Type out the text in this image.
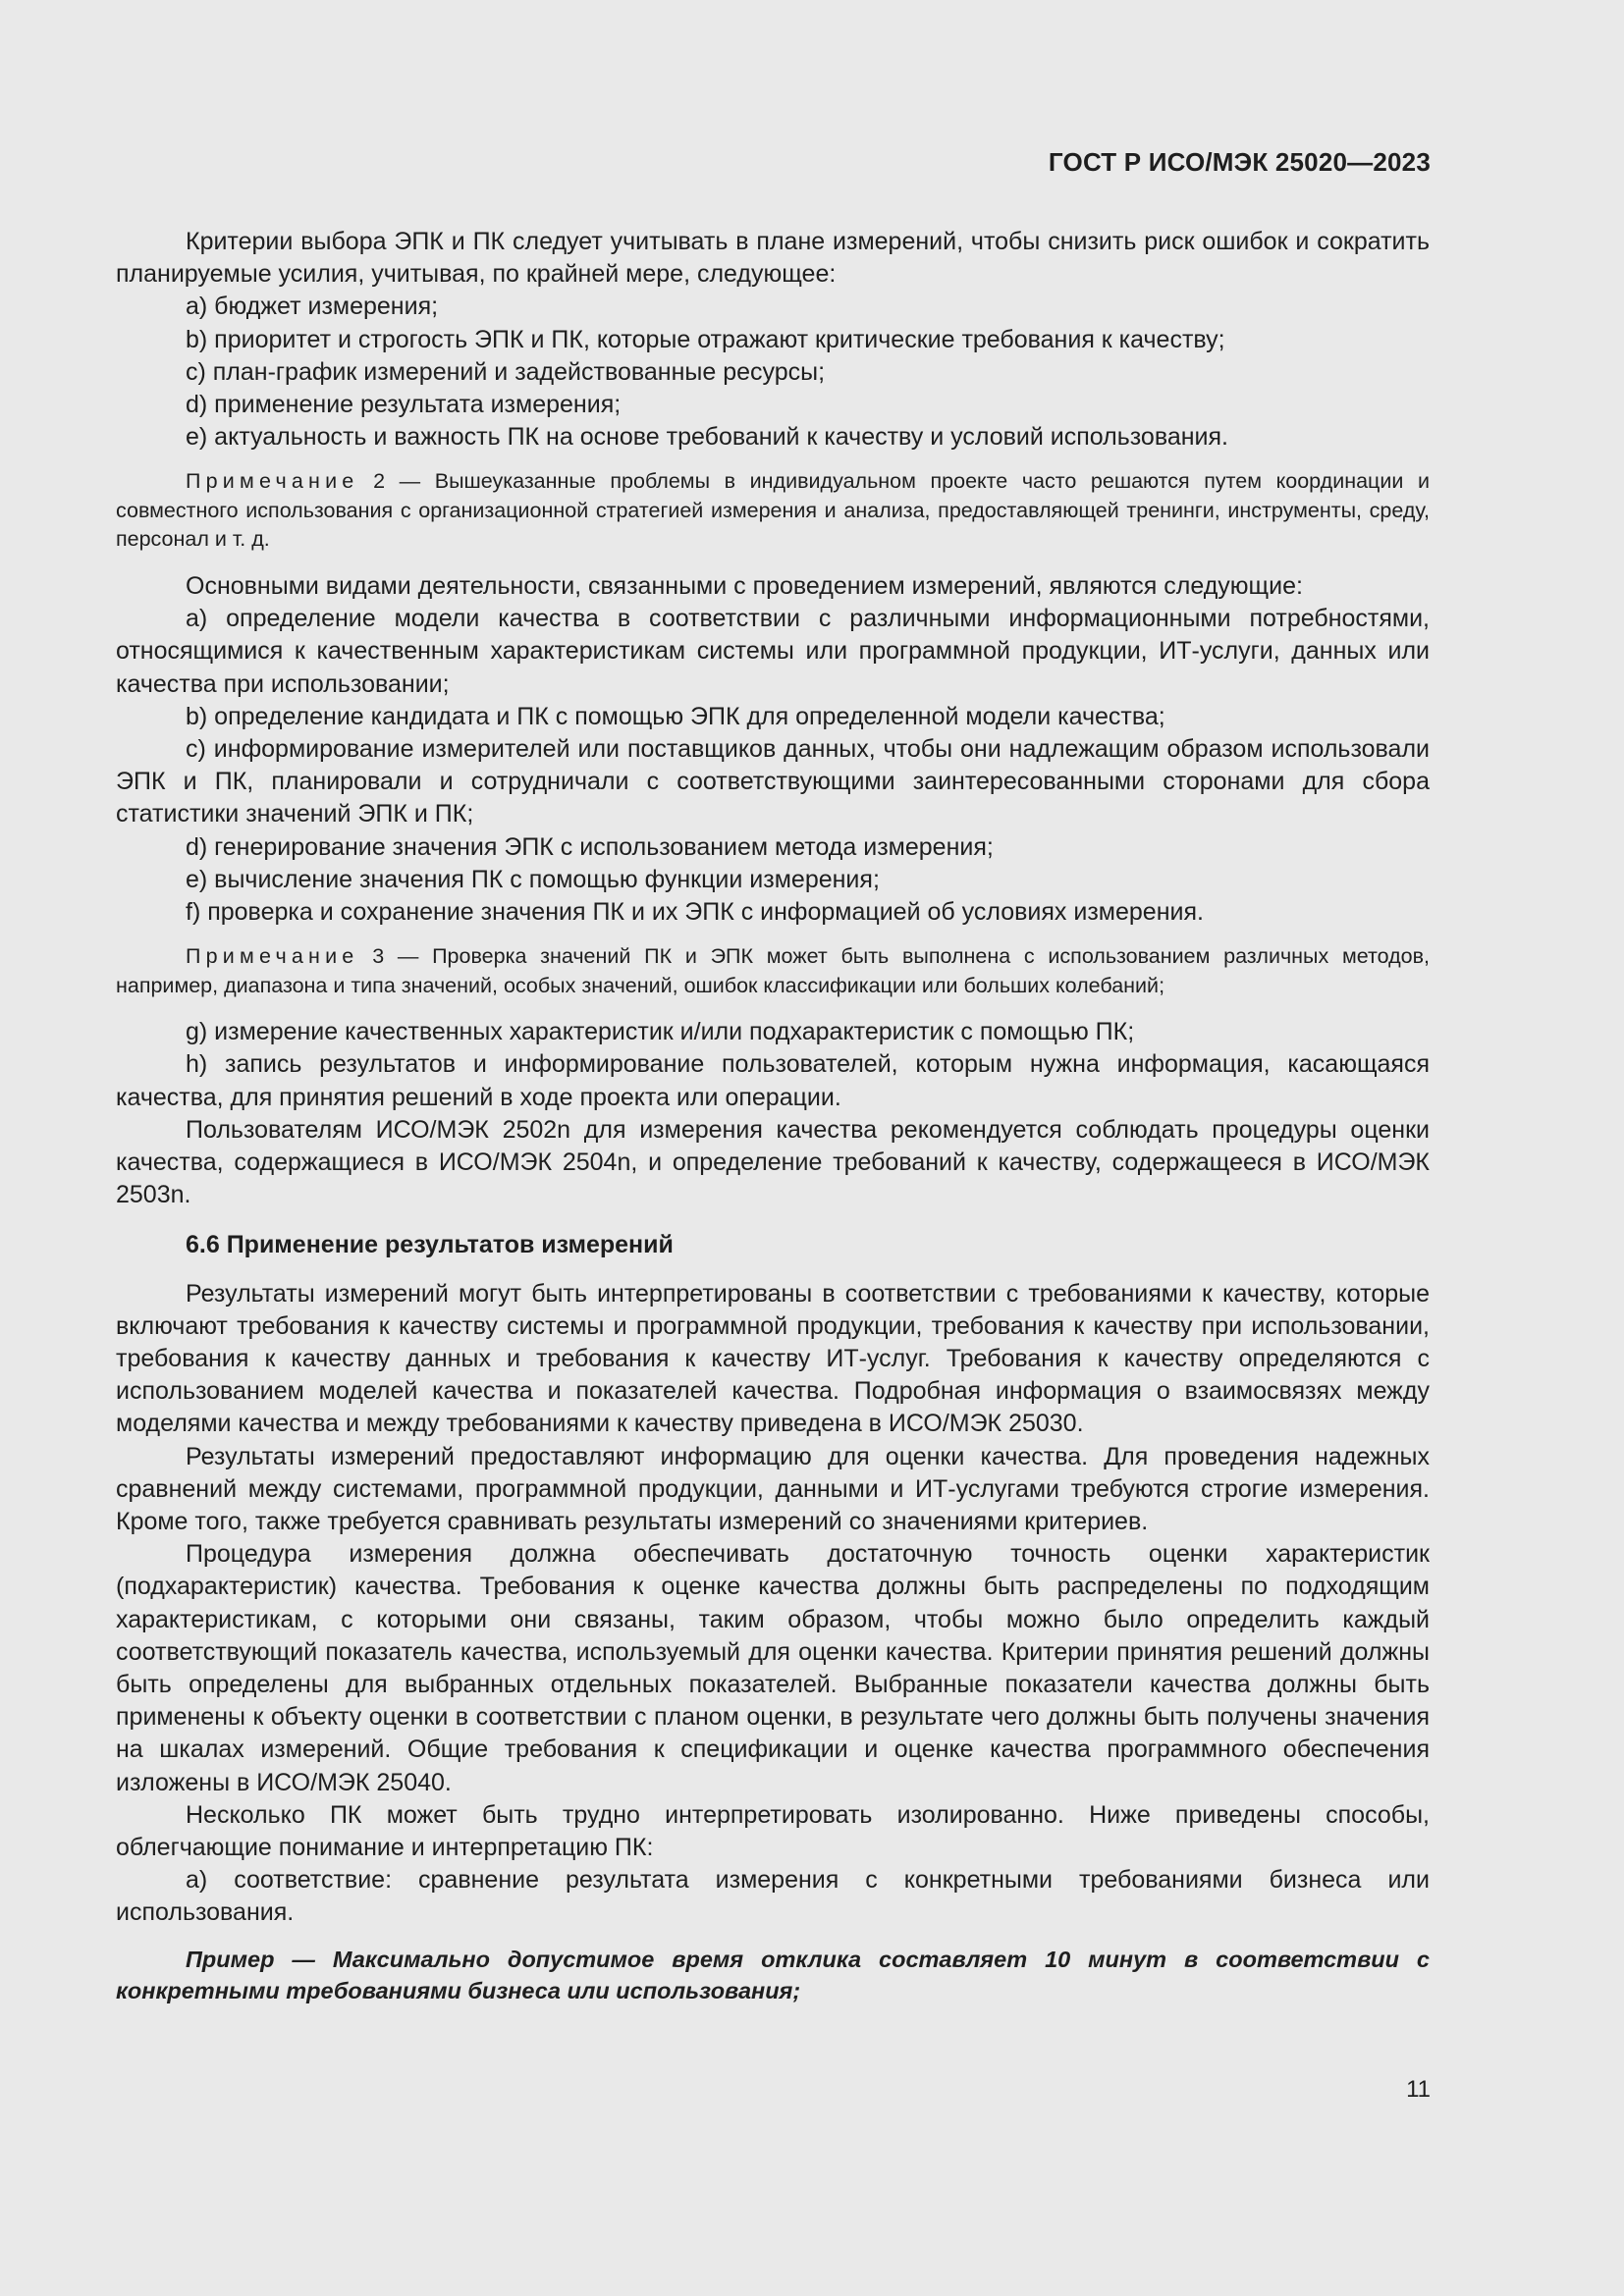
ГОСТ Р ИСО/МЭК 25020—2023

Критерии выбора ЭПК и ПК следует учитывать в плане измерений, чтобы снизить риск ошибок и сократить планируемые усилия, учитывая, по крайней мере, следующее:

a) бюджет измерения;

b) приоритет и строгость ЭПК и ПК, которые отражают критические требования к качеству;

c) план-график измерений и задействованные ресурсы;

d) применение результата измерения;

e) актуальность и важность ПК на основе требований к качеству и условий использования.

Примечание 2 — Вышеуказанные проблемы в индивидуальном проекте часто решаются путем координации и совместного использования с организационной стратегией измерения и анализа, предоставляющей тренинги, инструменты, среду, персонал и т. д.

Основными видами деятельности, связанными с проведением измерений, являются следующие:

a) определение модели качества в соответствии с различными информационными потребностями, относящимися к качественным характеристикам системы или программной продукции, ИТ-услуги, данных или качества при использовании;

b) определение кандидата и ПК с помощью ЭПК для определенной модели качества;

c) информирование измерителей или поставщиков данных, чтобы они надлежащим образом использовали ЭПК и ПК, планировали и сотрудничали с соответствующими заинтересованными сторонами для сбора статистики значений ЭПК и ПК;

d) генерирование значения ЭПК с использованием метода измерения;

e) вычисление значения ПК с помощью функции измерения;

f) проверка и сохранение значения ПК и их ЭПК с информацией об условиях измерения.

Примечание 3 — Проверка значений ПК и ЭПК может быть выполнена с использованием различных методов, например, диапазона и типа значений, особых значений, ошибок классификации или больших колебаний;

g) измерение качественных характеристик и/или подхарактеристик с помощью ПК;

h) запись результатов и информирование пользователей, которым нужна информация, касающаяся качества, для принятия решений в ходе проекта или операции.

Пользователям ИСО/МЭК 2502n для измерения качества рекомендуется соблюдать процедуры оценки качества, содержащиеся в ИСО/МЭК 2504n, и определение требований к качеству, содержащееся в ИСО/МЭК 2503n.

6.6 Применение результатов измерений

Результаты измерений могут быть интерпретированы в соответствии с требованиями к качеству, которые включают требования к качеству системы и программной продукции, требования к качеству при использовании, требования к качеству данных и требования к качеству ИТ-услуг. Требования к качеству определяются с использованием моделей качества и показателей качества. Подробная информация о взаимосвязях между моделями качества и между требованиями к качеству приведена в ИСО/МЭК 25030.

Результаты измерений предоставляют информацию для оценки качества. Для проведения надежных сравнений между системами, программной продукции, данными и ИТ-услугами требуются строгие измерения. Кроме того, также требуется сравнивать результаты измерений со значениями критериев.

Процедура измерения должна обеспечивать достаточную точность оценки характеристик (подхарактеристик) качества. Требования к оценке качества должны быть распределены по подходящим характеристикам, с которыми они связаны, таким образом, чтобы можно было определить каждый соответствующий показатель качества, используемый для оценки качества. Критерии принятия решений должны быть определены для выбранных отдельных показателей. Выбранные показатели качества должны быть применены к объекту оценки в соответствии с планом оценки, в результате чего должны быть получены значения на шкалах измерений. Общие требования к спецификации и оценке качества программного обеспечения изложены в ИСО/МЭК 25040.

Несколько ПК может быть трудно интерпретировать изолированно. Ниже приведены способы, облегчающие понимание и интерпретацию ПК:

a) соответствие: сравнение результата измерения с конкретными требованиями бизнеса или использования.

Пример — Максимально допустимое время отклика составляет 10 минут в соответствии с конкретными требованиями бизнеса или использования;

11
